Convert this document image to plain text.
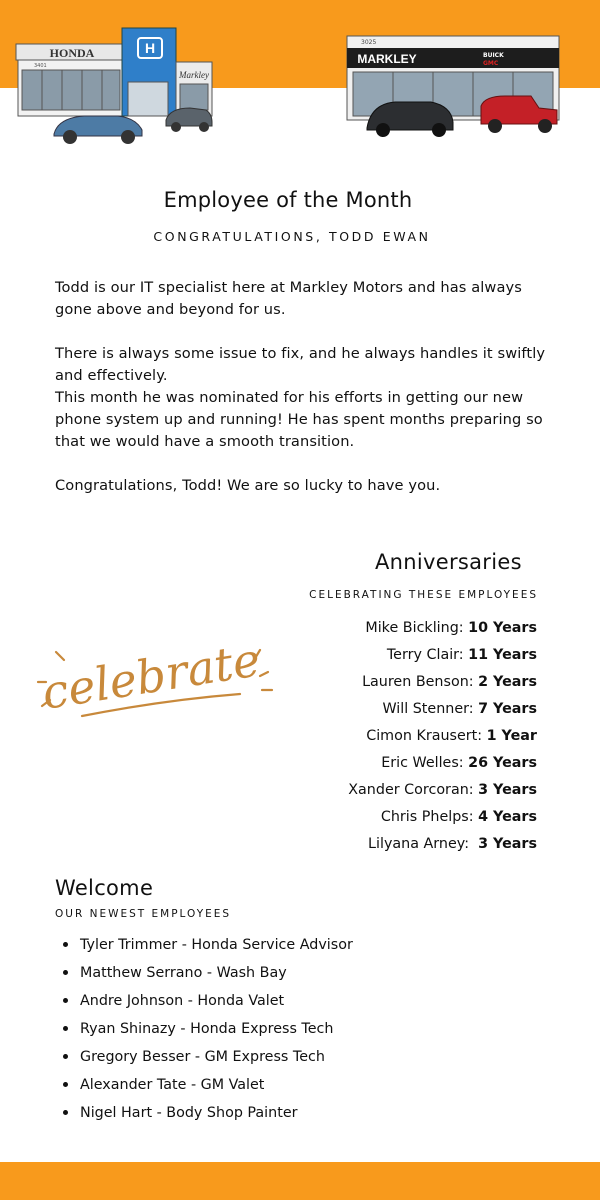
HONDA	H
Markley
3401	MARKLEY	BUICK
GMC
3025
Employee of the Month
CONGRATULATIONS, TODD EWAN

Todd is our IT specialist here at Markley Motors and has always gone above and beyond for us.

There is always some issue to fix, and he always handles it swiftly and effectively.

This month he was nominated for his efforts in getting our new phone system up and running! He has spent months preparing so that we would have a smooth transition.

Congratulations, Todd! We are so lucky to have you.

Anniversaries
CELEBRATING THESE EMPLOYEES
celebrate
Mike Bickling: 10 Years
Terry Clair: 11 Years
Lauren Benson: 2 Years
Will Stenner: 7 Years
Cimon Krausert: 1 Year
Eric Welles: 26 Years
Xander Corcoran: 3 Years
Chris Phelps: 4 Years
Lilyana Arney: 3 Years
Welcome
OUR NEWEST EMPLOYEES
Tyler Trimmer - Honda Service Advisor
Matthew Serrano - Wash Bay
Andre Johnson - Honda Valet
Ryan Shinazy - Honda Express Tech
Gregory Besser - GM Express Tech
Alexander Tate - GM Valet
Nigel Hart - Body Shop Painter
